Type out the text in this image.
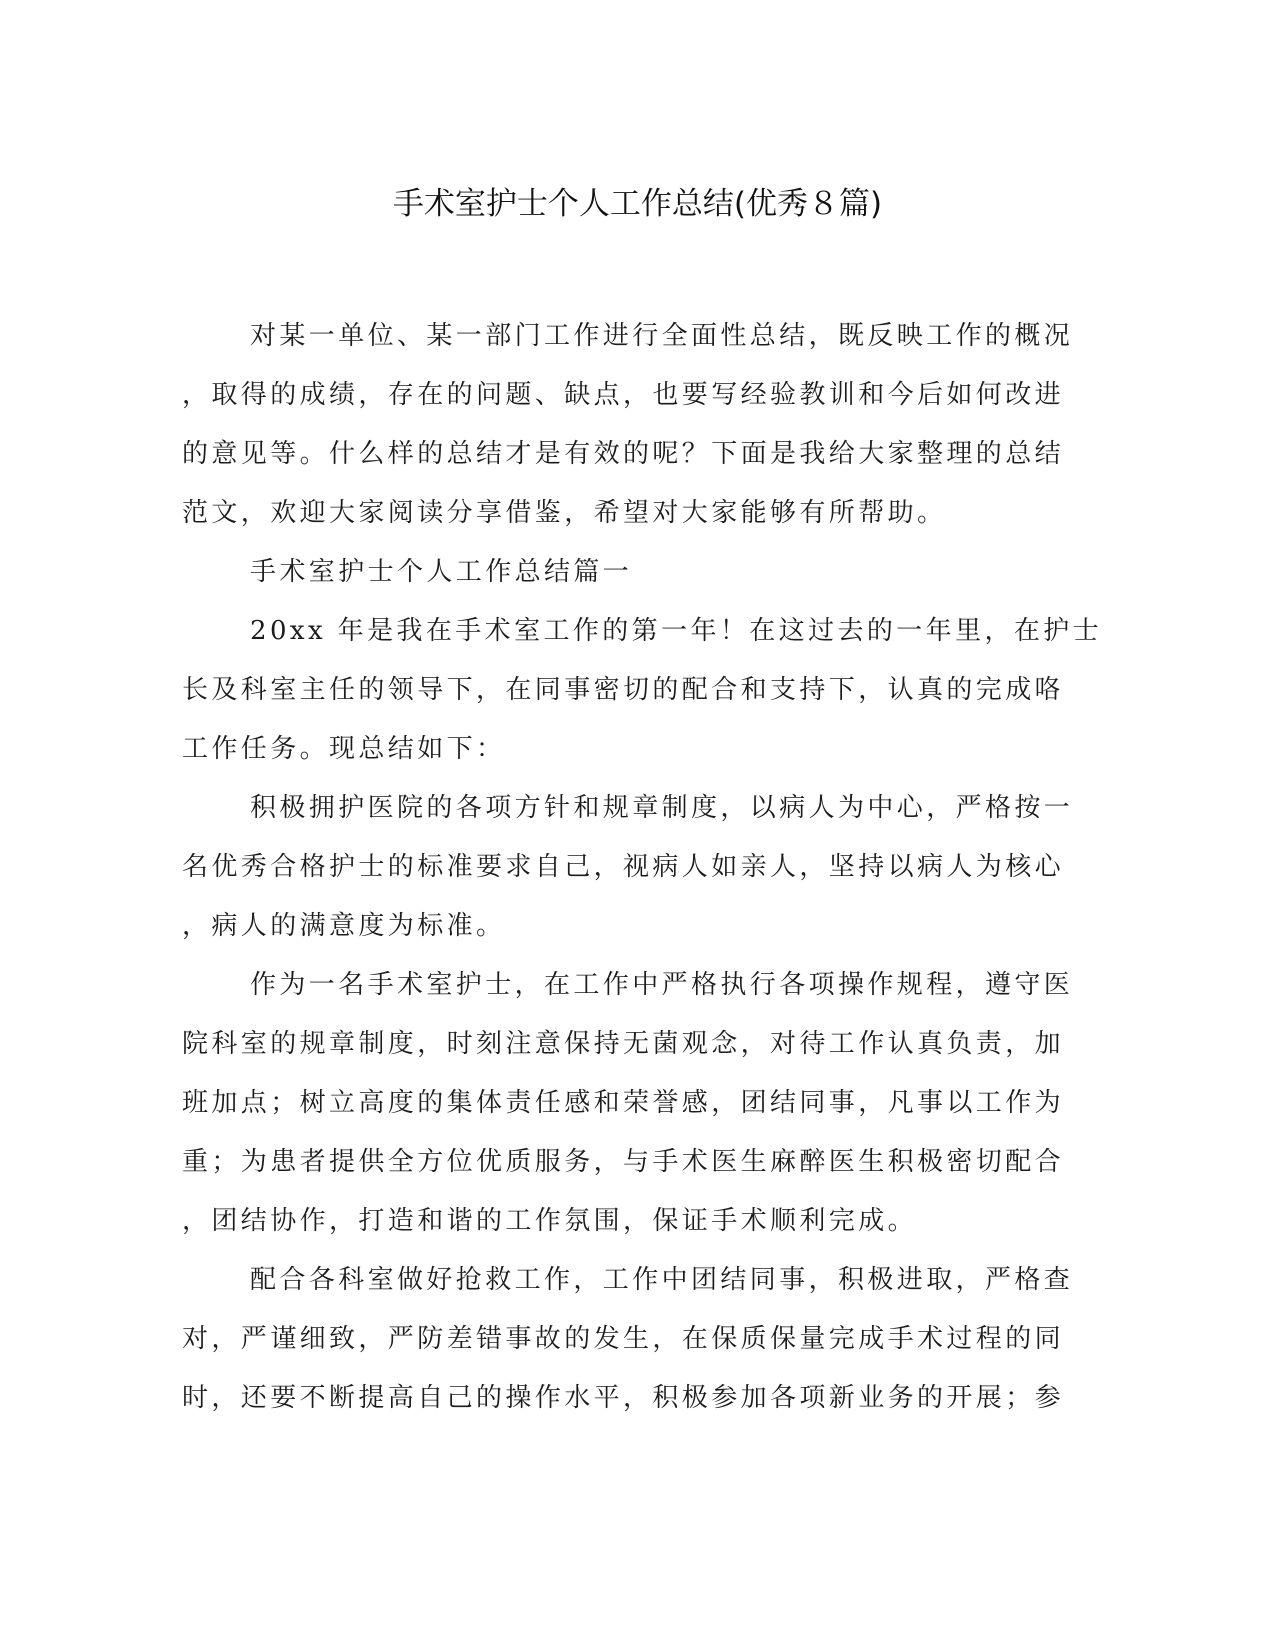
手术室护士个人工作总结(优秀８篇)
对某一单位、某一部门工作进行全面性总结，既反映工作的概况
，取得的成绩，存在的问题、缺点，也要写经验教训和今后如何改进
的意见等。什么样的总结才是有效的呢？下面是我给大家整理的总结
范文，欢迎大家阅读分享借鉴，希望对大家能够有所帮助。
手术室护士个人工作总结篇一
20xx 年是我在手术室工作的第一年！在这过去的一年里，在护士
长及科室主任的领导下，在同事密切的配合和支持下，认真的完成咯
工作任务。现总结如下：
积极拥护医院的各项方针和规章制度，以病人为中心，严格按一
名优秀合格护士的标准要求自己，视病人如亲人，坚持以病人为核心
，病人的满意度为标准。
作为一名手术室护士，在工作中严格执行各项操作规程，遵守医
院科室的规章制度，时刻注意保持无菌观念，对待工作认真负责，加
班加点；树立高度的集体责任感和荣誉感，团结同事，凡事以工作为
重；为患者提供全方位优质服务，与手术医生麻醉医生积极密切配合
，团结协作，打造和谐的工作氛围，保证手术顺利完成。
配合各科室做好抢救工作，工作中团结同事，积极进取，严格查
对，严谨细致，严防差错事故的发生，在保质保量完成手术过程的同
时，还要不断提高自己的操作水平，积极参加各项新业务的开展；参
